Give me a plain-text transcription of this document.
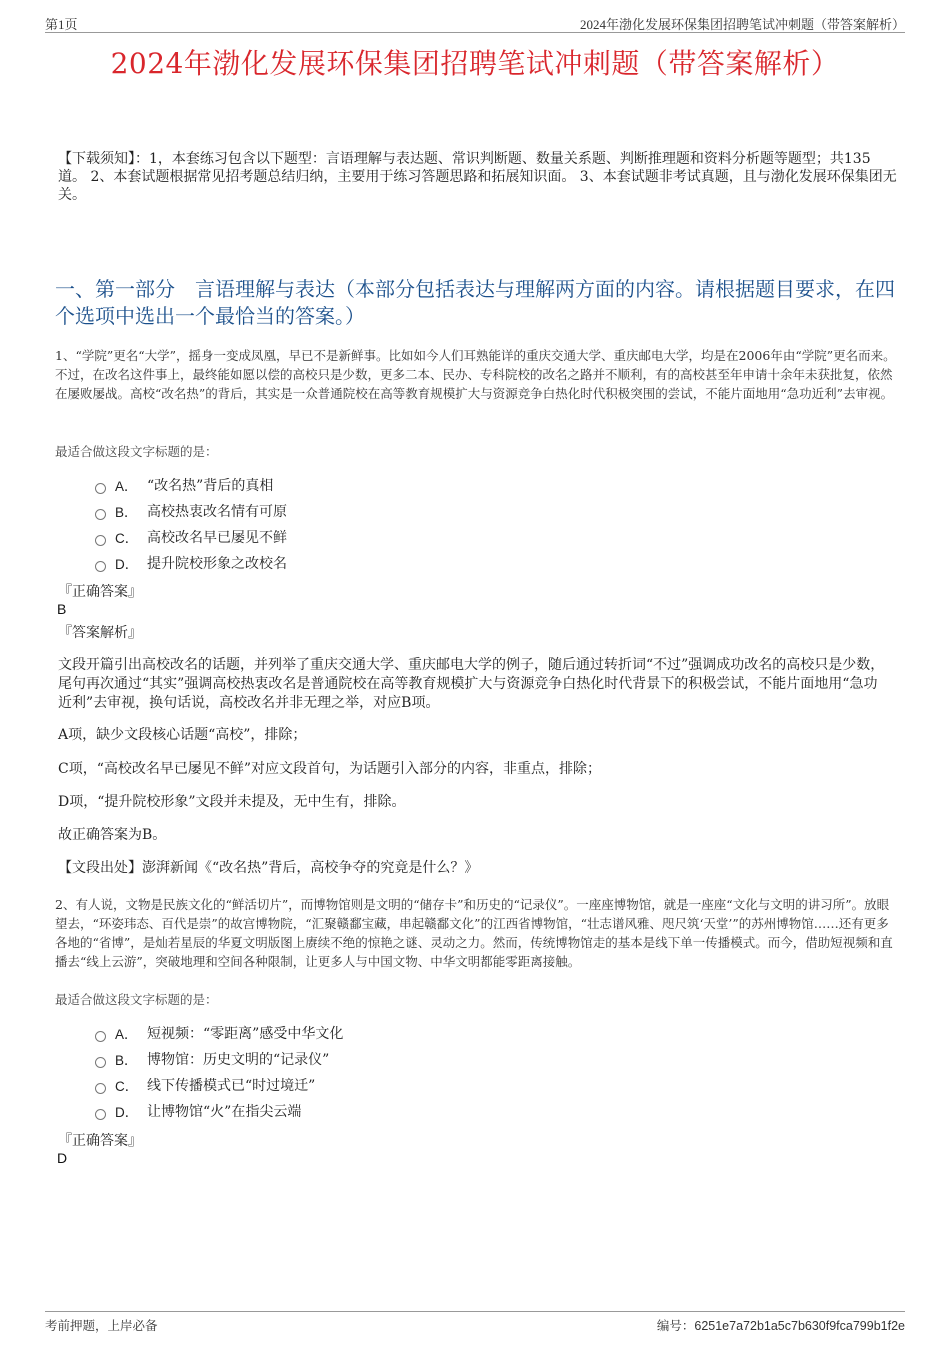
第1页	2024年渤化发展环保集团招聘笔试冲刺题（带答案解析）
2024年渤化发展环保集团招聘笔试冲刺题（带答案解析）
【下载须知】：1，本套练习包含以下题型：言语理解与表达题、常识判断题、数量关系题、判断推理题和资料分析题等题型；共135道。 2、本套试题根据常见招考题总结归纳，主要用于练习答题思路和拓展知识面。 3、本套试题非考试真题，且与渤化发展环保集团无关。
一、第一部分　言语理解与表达（本部分包括表达与理解两方面的内容。请根据题目要求，在四个选项中选出一个最恰当的答案。）
1、“学院”更名“大学”，摇身一变成凤凰，早已不是新鲜事。比如如今人们耳熟能详的重庆交通大学、重庆邮电大学，均是在2006年由“学院”更名而来。不过，在改名这件事上，最终能如愿以偿的高校只是少数，更多二本、民办、专科院校的改名之路并不顺利，有的高校甚至年申请十余年未获批复，依然在屡败屡战。高校“改名热”的背后，其实是一众普通院校在高等教育规模扩大与资源竞争白热化时代积极突围的尝试，不能片面地用“急功近利”去审视。
最适合做这段文字标题的是：
A． “改名热”背后的真相
B． 高校热衷改名情有可原
C． 高校改名早已屡见不鲜
D． 提升院校形象之改校名
『正确答案』
B
『答案解析』
文段开篇引出高校改名的话题，并列举了重庆交通大学、重庆邮电大学的例子，随后通过转折词“不过”强调成功改名的高校只是少数，尾句再次通过“其实”强调高校热衷改名是普通院校在高等教育规模扩大与资源竞争白热化时代背景下的积极尝试，不能片面地用“急功近利”去审视，换句话说，高校改名并非无理之举，对应B项。
A项，缺少文段核心话题“高校”，排除；
C项，“高校改名早已屡见不鲜”对应文段首句，为话题引入部分的内容，非重点，排除；
D项，“提升院校形象”文段并未提及，无中生有，排除。
故正确答案为B。
【文段出处】澎湃新闻《“改名热”背后，高校争夺的究竟是什么？》
2、有人说，文物是民族文化的“鲜活切片”，而博物馆则是文明的“储存卡”和历史的“记录仪”。一座座博物馆，就是一座座“文化与文明的讲习所”。放眼望去，“环姿玮态、百代是崇”的故宫博物院，“汇聚赣鄱宝藏，串起赣鄱文化”的江西省博物馆，“壮志谱风雅、咫尺筑‘天堂’”的苏州博物馆……还有更多各地的“省博”，是灿若星辰的华夏文明版图上赓续不绝的惊艳之谜、灵动之力。然而，传统博物馆走的基本是线下单一传播模式。而今，借助短视频和直播去“线上云游”，突破地理和空间各种限制，让更多人与中国文物、中华文明都能零距离接触。
最适合做这段文字标题的是：
A． 短视频：“零距离”感受中华文化
B． 博物馆：历史文明的“记录仪”
C． 线下传播模式已“时过境迁”
D． 让博物馆“火”在指尖云端
『正确答案』
D
考前押题，上岸必备	编号：6251e7a72b1a5c7b630f9fca799b1f2e
